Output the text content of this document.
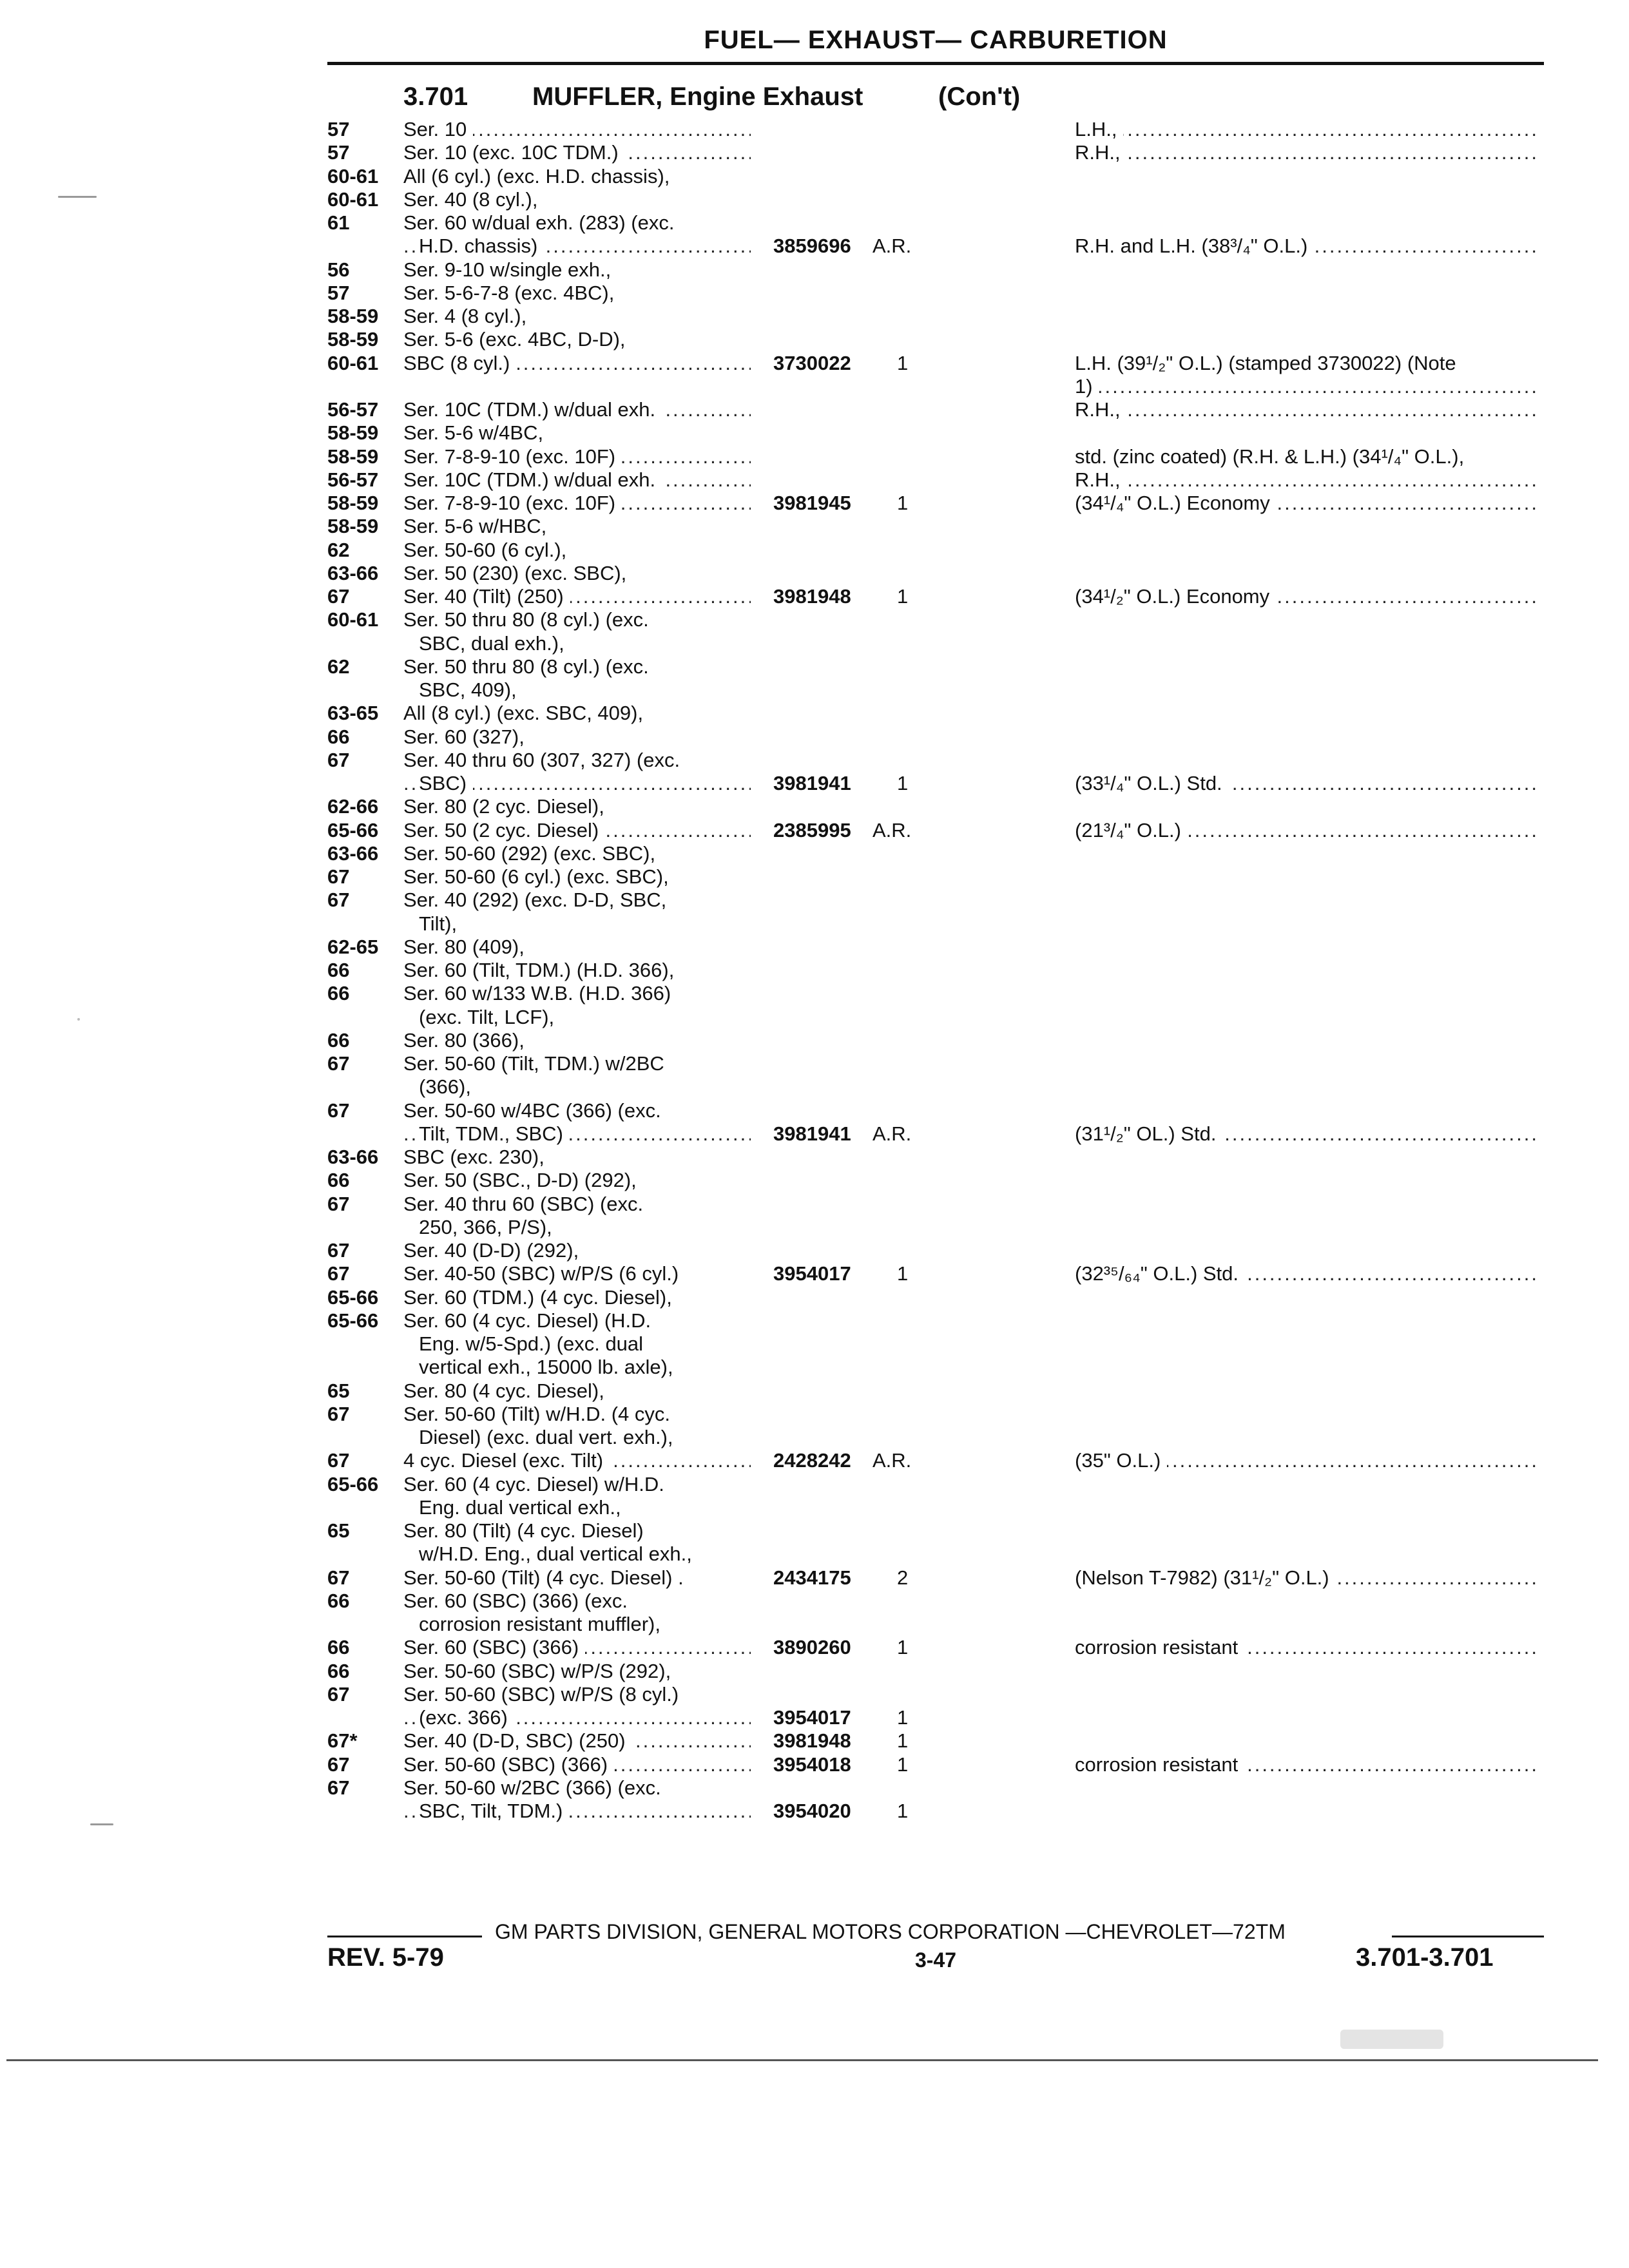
FUEL— EXHAUST— CARBURETION
3.701 MUFFLER, Engine Exhaust	(Con't)
.....
.....
57	Ser. 10	L.H.,
.....
.....
57	Ser. 10 (exc. 10C TDM.)	R.H.,
60-61 All (6 cyl.) (exc. H.D. chassis),
60-61 Ser. 40 (8 cyl.),
61	Ser. 60 w/dual exh. (283) (exc.
.....
.....
H.D. chassis)	3859696 A.R.	R.H. and L.H. (38³/₄" O.L.)
56	Ser. 9-10 w/single exh.,
57	Ser. 5-6-7-8 (exc. 4BC),
58-59 Ser. 4 (8 cyl.),
58-59 Ser. 5-6 (exc. 4BC, D-D),
.....
60-61 SBC (8 cyl.)	3730022 1	L.H. (39¹/₂" O.L.) (stamped 3730022) (Note
.....
1)
.....
.....
56-57 Ser. 10C (TDM.) w/dual exh.	R.H.,
58-59 Ser. 5-6 w/4BC,
.....
58-59 Ser. 7-8-9-10 (exc. 10F)	std. (zinc coated) (R.H. & L.H.) (34¹/₄" O.L.),
.....
.....
56-57 Ser. 10C (TDM.) w/dual exh.	R.H.,
.....
.....
58-59 Ser. 7-8-9-10 (exc. 10F)	3981945 1	(34¹/₄" O.L.) Economy
58-59 Ser. 5-6 w/HBC,
62	Ser. 50-60 (6 cyl.),
63-66 Ser. 50 (230) (exc. SBC),
.....
.....
67	Ser. 40 (Tilt) (250)	3981948 1	(34¹/₂" O.L.) Economy
60-61 Ser. 50 thru 80 (8 cyl.) (exc.
SBC, dual exh.),
62	Ser. 50 thru 80 (8 cyl.) (exc.
SBC, 409),
63-65 All (8 cyl.) (exc. SBC, 409),
66	Ser. 60 (327),
67	Ser. 40 thru 60 (307, 327) (exc.
.....
.....
SBC)	3981941 1	(33¹/₄" O.L.) Std.
62-66 Ser. 80 (2 cyc. Diesel),
.....
.....
65-66 Ser. 50 (2 cyc. Diesel)	2385995 A.R.	(21³/₄" O.L.)
63-66 Ser. 50-60 (292) (exc. SBC),
67	Ser. 50-60 (6 cyl.) (exc. SBC),
67	Ser. 40 (292) (exc. D-D, SBC,
Tilt),
62-65 Ser. 80 (409),
66	Ser. 60 (Tilt, TDM.) (H.D. 366),
66	Ser. 60 w/133 W.B. (H.D. 366)
(exc. Tilt, LCF),
66	Ser. 80 (366),
67	Ser. 50-60 (Tilt, TDM.) w/2BC
(366),
67	Ser. 50-60 w/4BC (366) (exc.
.....
.....
Tilt, TDM., SBC)	3981941 A.R.	(31¹/₂" OL.) Std.
63-66 SBC (exc. 230),
66	Ser. 50 (SBC., D-D) (292),
67	Ser. 40 thru 60 (SBC) (exc.
250, 366, P/S),
67	Ser. 40 (D-D) (292),
.....
67	Ser. 40-50 (SBC) w/P/S (6 cyl.)	3954017 1	(32³⁵/₆₄" O.L.) Std.
65-66 Ser. 60 (TDM.) (4 cyc. Diesel),
65-66 Ser. 60 (4 cyc. Diesel) (H.D.
Eng. w/5-Spd.) (exc. dual
vertical exh., 15000 lb. axle),
65	Ser. 80 (4 cyc. Diesel),
67	Ser. 50-60 (Tilt) w/H.D. (4 cyc.
Diesel) (exc. dual vert. exh.),
.....
.....
67	4 cyc. Diesel (exc. Tilt)	2428242 A.R.	(35" O.L.)
65-66 Ser. 60 (4 cyc. Diesel) w/H.D.
Eng. dual vertical exh.,
65	Ser. 80 (Tilt) (4 cyc. Diesel)
w/H.D. Eng., dual vertical exh.,
.....
67	Ser. 50-60 (Tilt) (4 cyc. Diesel) .	2434175 2	(Nelson T-7982) (31¹/₂" O.L.)
66	Ser. 60 (SBC) (366) (exc.
corrosion resistant muffler),
.....
.....
66	Ser. 60 (SBC) (366)	3890260 1	corrosion resistant
66	Ser. 50-60 (SBC) w/P/S (292),
67	Ser. 50-60 (SBC) w/P/S (8 cyl.)
.....
(exc. 366)	3954017 1
.....
67* Ser. 40 (D-D, SBC) (250)	3981948 1
.....
.....
67	Ser. 50-60 (SBC) (366)	3954018 1	corrosion resistant
67	Ser. 50-60 w/2BC (366) (exc.
.....
SBC, Tilt, TDM.)	3954020 1
GM PARTS DIVISION, GENERAL MOTORS CORPORATION —CHEVROLET—72TM
REV. 5-79	3-47	3.701-3.701
